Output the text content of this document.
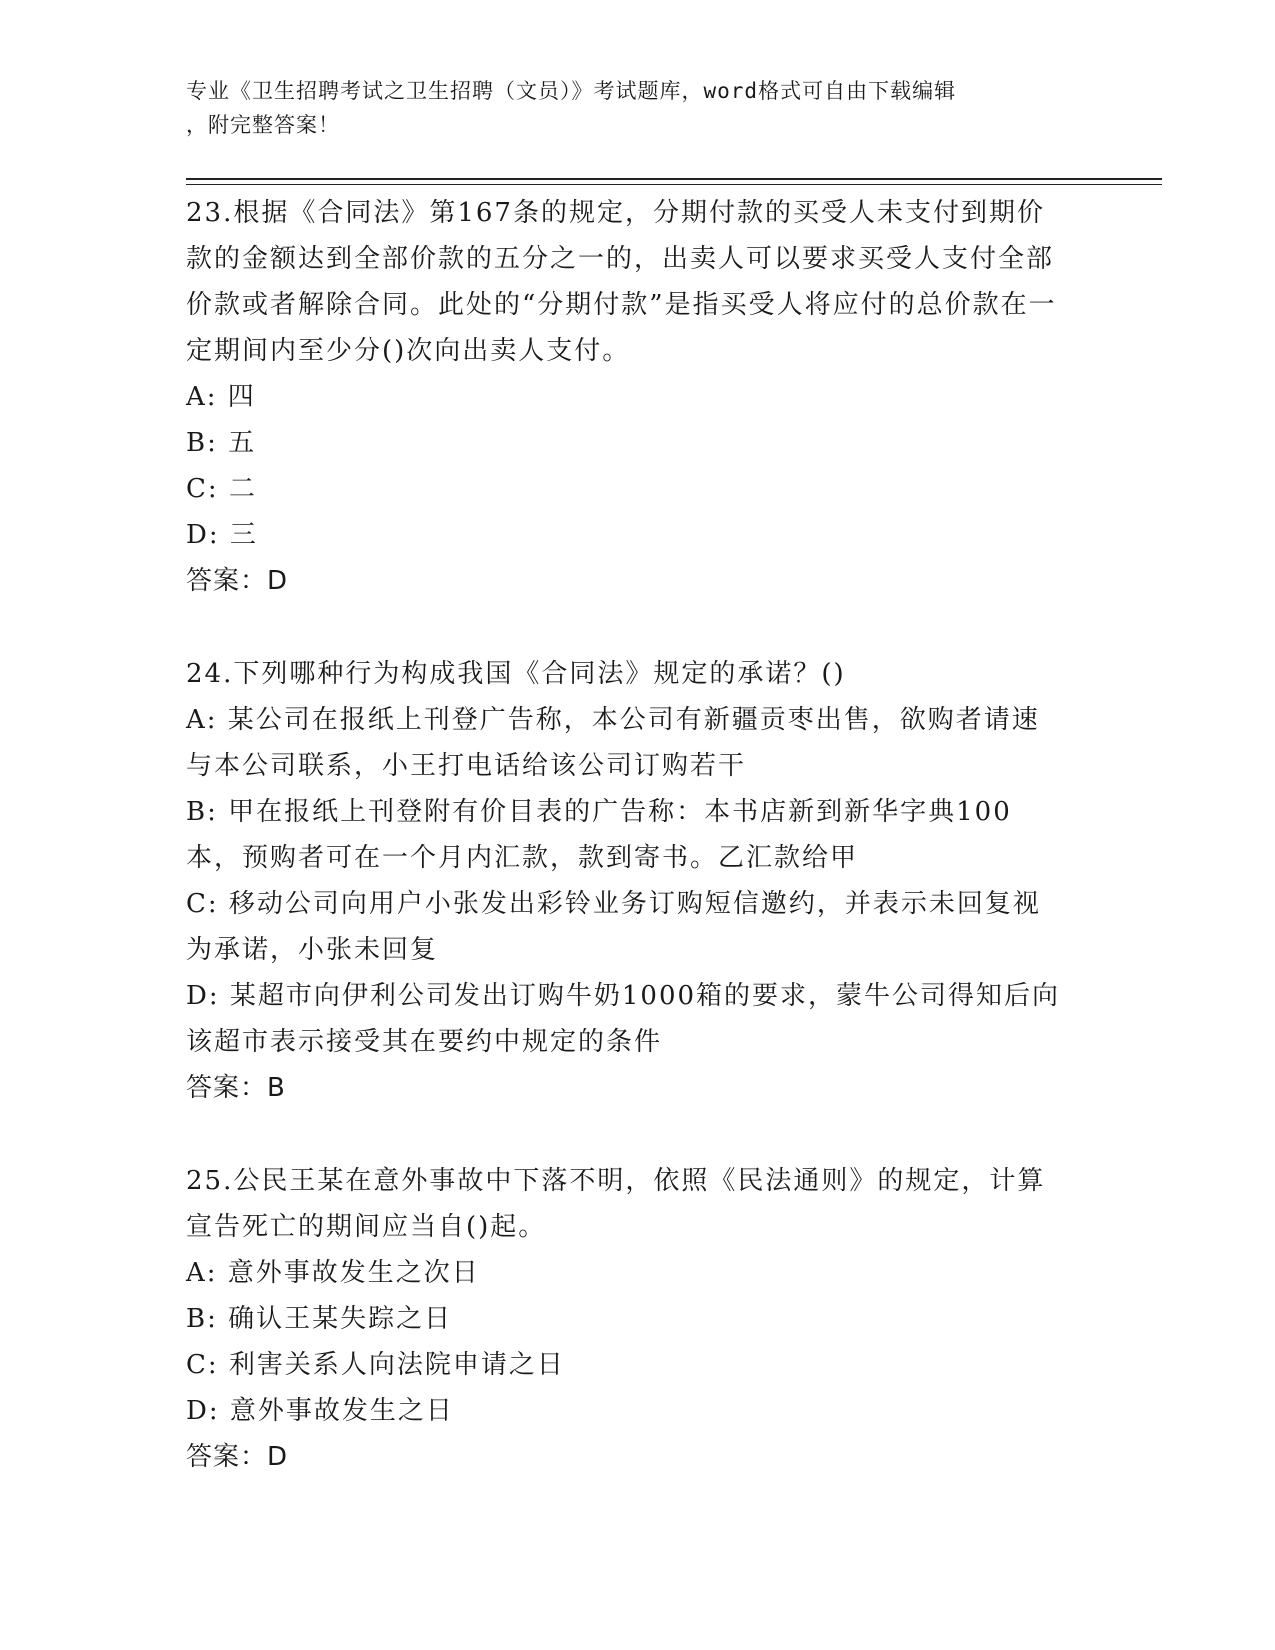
专业《卫生招聘考试之卫生招聘（文员）》考试题库，word格式可自由下载编辑
，附完整答案！

23.根据《合同法》第167条的规定，分期付款的买受人未支付到期价款的金额达到全部价款的五分之一的，出卖人可以要求买受人支付全部价款或者解除合同。此处的“分期付款”是指买受人将应付的总价款在一定期间内至少分()次向出卖人支付。

A: 四

B: 五

C: 二

D: 三

答案：D

24.下列哪种行为构成我国《合同法》规定的承诺？()

A: 某公司在报纸上刊登广告称，本公司有新疆贡枣出售，欲购者请速与本公司联系，小王打电话给该公司订购若干

B: 甲在报纸上刊登附有价目表的广告称：本书店新到新华字典100本，预购者可在一个月内汇款，款到寄书。乙汇款给甲

C: 移动公司向用户小张发出彩铃业务订购短信邀约，并表示未回复视为承诺，小张未回复

D: 某超市向伊利公司发出订购牛奶1000箱的要求，蒙牛公司得知后向该超市表示接受其在要约中规定的条件

答案：B

25.公民王某在意外事故中下落不明，依照《民法通则》的规定，计算宣告死亡的期间应当自()起。

A: 意外事故发生之次日

B: 确认王某失踪之日

C: 利害关系人向法院申请之日

D: 意外事故发生之日

答案：D
